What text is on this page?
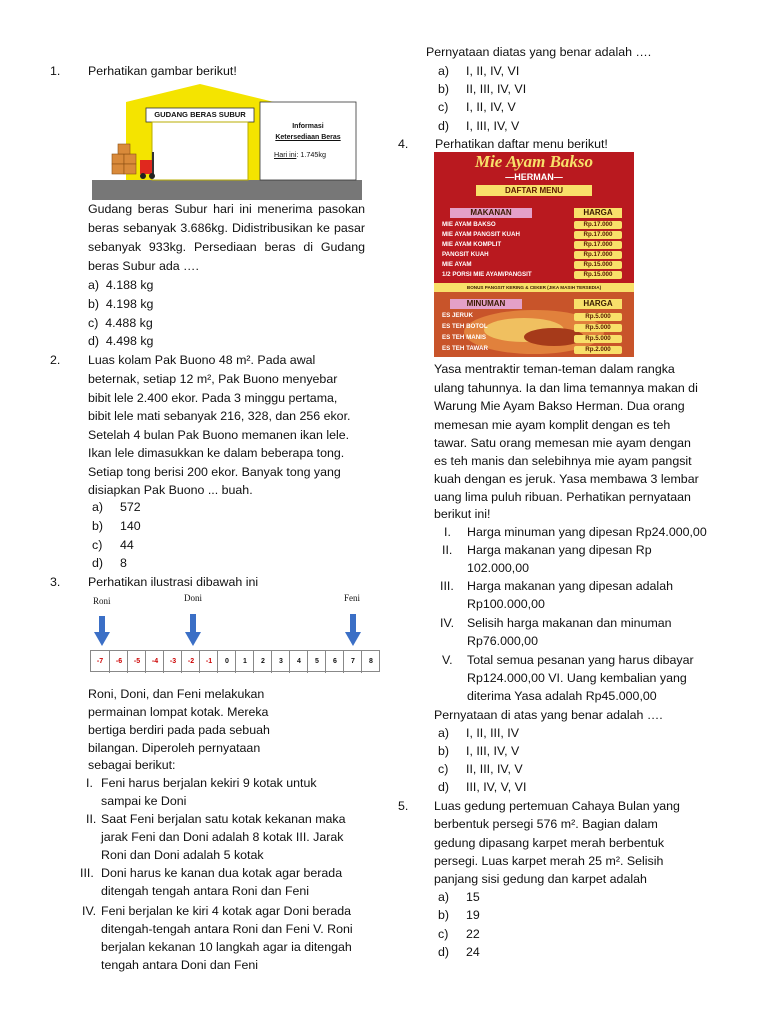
1. Perhatikan gambar berikut!
GUDANG BERAS SUBUR
Informasi
Ketersediaan Beras
Hari ini: 1.745kg
Gudang beras Subur hari ini menerima pasokan beras sebanyak 3.686kg. Didistribusikan ke pasar sebanyak 933kg. Persediaan beras di Gudang beras Subur ada ….
a)  4.188 kg
b)  4.198 kg
c)  4.488 kg
d)  4.498 kg
2. Luas kolam Pak Buono 48 m². Pada awal
beternak, setiap 12 m², Pak Buono menyebar
bibit lele 2.400 ekor. Pada 3 minggu pertama,
bibit lele mati sebanyak 216, 328, dan 256 ekor.
Setelah 4 bulan Pak Buono memanen ikan lele.
Ikan lele dimasukkan ke dalam beberapa tong.
Setiap tong berisi 200 ekor. Banyak tong yang
disiapkan Pak Buono ... buah.
a) 572
b) 140
c) 44
d) 8
3. Perhatikan ilustrasi dibawah ini
Roni	Doni	Feni
-7	-6	-5	-4	-3	-2	-1	0	1	2	3	4	5	6	7	8
Roni, Doni, dan Feni melakukan
permainan lompat kotak. Mereka
bertiga berdiri pada pada sebuah
bilangan. Diperoleh pernyataan
sebagai berikut:
I. Feni harus berjalan kekiri 9 kotak untuk
sampai ke Doni
II. Saat Feni berjalan satu kotak kekanan maka
jarak Feni dan Doni adalah 8 kotak III. Jarak
Roni dan Doni adalah 5 kotak
III. Doni harus ke kanan dua kotak agar berada
ditengah tengah antara Roni dan Feni
IV. Feni berjalan ke kiri 4 kotak agar Doni berada
ditengah-tengah antara Roni dan Feni V. Roni
berjalan kekanan 10 langkah agar ia ditengah
tengah antara Doni dan Feni
Pernyataan diatas yang benar adalah ….
a) I, II, IV, VI
b) II, III, IV, VI
c) I, II, IV, V
d) I, III, IV, V
4. Perhatikan daftar menu berikut!
Mie Ayam Bakso
—HERMAN—
DAFTAR MENU
MAKANAN	HARGA
MIE AYAM BAKSO	Rp.17.000
MIE AYAM PANGSIT KUAH	Rp.17.000
MIE AYAM KOMPLIT	Rp.17.000
PANGSIT KUAH	Rp.17.000
MIE AYAM	Rp.15.000
1/2 PORSI MIE AYAM/PANGSIT	Rp.15.000
BONUS PANGSIT KERING & CEKER (JIKA MASIH TERSEDIA)
MINUMAN	HARGA
ES JERUK	Rp.5.000
ES TEH BOTOL	Rp.5.000
ES TEH MANIS	Rp.5.000
ES TEH TAWAR	Rp.2.000
Yasa mentraktir teman-teman dalam rangka
ulang tahunnya. Ia dan lima temannya makan di
Warung Mie Ayam Bakso Herman. Dua orang
memesan mie ayam komplit dengan es teh
tawar. Satu orang memesan mie ayam dengan
es teh manis dan selebihnya mie ayam pangsit
kuah dengan es jeruk. Yasa membawa 3 lembar
uang lima puluh ribuan. Perhatikan pernyataan
berikut ini!
I. Harga minuman yang dipesan Rp24.000,00
II. Harga makanan yang dipesan Rp
102.000,00
III. Harga makanan yang dipesan adalah
Rp100.000,00
IV. Selisih harga makanan dan minuman
Rp76.000,00
V. Total semua pesanan yang harus dibayar
Rp124.000,00 VI. Uang kembalian yang
diterima Yasa adalah Rp45.000,00
Pernyataan di atas yang benar adalah ….
a) I, II, III, IV
b) I, III, IV, V
c) II, III, IV, V
d) III, IV, V, VI
5. Luas gedung pertemuan Cahaya Bulan yang
berbentuk persegi 576 m². Bagian dalam
gedung dipasang karpet merah berbentuk
persegi. Luas karpet merah 25 m². Selisih
panjang sisi gedung dan karpet adalah
a) 15
b) 19
c) 22
d) 24
